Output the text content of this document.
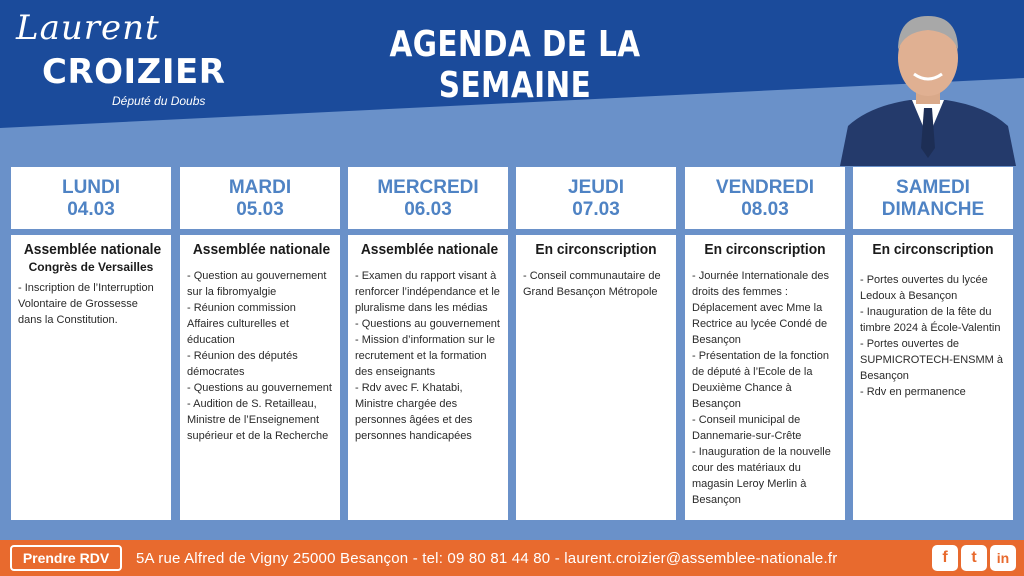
Laurent
CROIZIER
Député du Doubs
AGENDA DE LA SEMAINE
LUNDI
04.03
MARDI
05.03
MERCREDI
06.03
JEUDI
07.03
VENDREDI
08.03
SAMEDI
DIMANCHE
Assemblée nationale
Congrès de Versailles
- Inscription de l’Interruption Volontaire de Grossesse dans la Constitution.
Assemblée nationale
- Question au gouvernement sur la fibromyalgie
- Réunion commission Affaires culturelles et éducation
- Réunion des députés démocrates
- Questions au gouvernement
- Audition de S. Retailleau, Ministre de l’Enseignement supérieur et de la Recherche
Assemblée nationale
- Examen du rapport visant à renforcer l’indépendance et le pluralisme dans les médias
- Questions au gouvernement
- Mission d’information sur le recrutement et la formation des enseignants
- Rdv avec F. Khatabi, Ministre chargée des personnes âgées et des personnes handicapées
En circonscription
- Conseil communautaire de Grand Besançon Métropole
En circonscription
- Journée Internationale des droits des femmes : Déplacement avec Mme la Rectrice au lycée Condé de Besançon
- Présentation de la fonction de député à l’Ecole de la Deuxième Chance à Besançon
- Conseil municipal de Dannemarie-sur-Crête
- Inauguration de la nouvelle cour des matériaux du magasin Leroy Merlin à Besançon
En circonscription
- Portes ouvertes du lycée Ledoux à Besançon
- Inauguration de la fête du timbre 2024 à École-Valentin
- Portes ouvertes de SUPMICROTECH-ENSMM à Besançon
- Rdv en permanence
Prendre RDV	5A rue Alfred de Vigny 25000 Besançon - tel: 09 80 81 44 80 - laurent.croizier@assemblee-nationale.fr	f	t	in
